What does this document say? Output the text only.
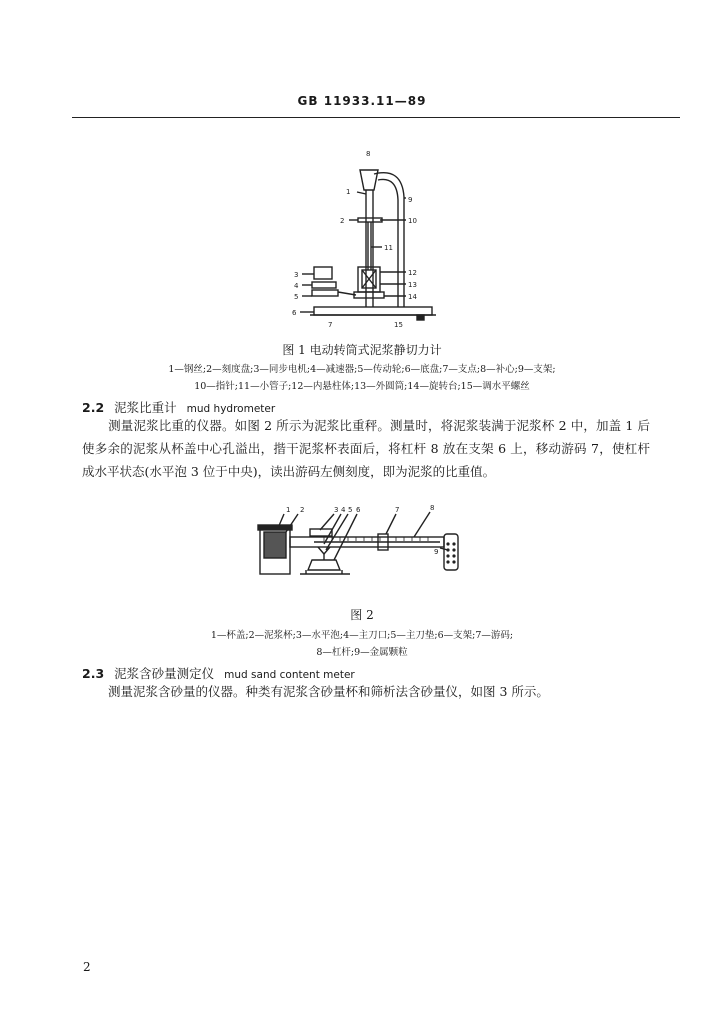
GB 11933.11—89
8
1
9
2	10
11
12
3
13
4
14
5
6
7	15
图 1 电动转筒式泥浆静切力计
1—钢丝;2—刻度盘;3—同步电机;4—减速器;5—传动轮;6—底盘;7—支点;8—补心;9—支架;
10—指针;11—小管子;12—内悬柱体;13—外圆筒;14—旋转台;15—调水平螺丝
2.2 泥浆比重计 mud hydrometer
测量泥浆比重的仪器。如图 2 所示为泥浆比重秤。测量时，将泥浆装满于泥浆杯 2 中，加盖 1 后使多余的泥浆从杯盖中心孔溢出，揩干泥浆杯表面后，将杠杆 8 放在支架 6 上，移动游码 7，使杠杆成水平状态(水平泡 3 位于中央)，读出游码左侧刻度，即为泥浆的比重值。
1 2	3 4 5 6	7	8
9
图 2
1—杯盖;2—泥浆杯;3—水平泡;4—主刀口;5—主刀垫;6—支架;7—游码;
8—杠杆;9—金属颗粒
2.3 泥浆含砂量测定仪 mud sand content meter
测量泥浆含砂量的仪器。种类有泥浆含砂量杯和筛析法含砂量仪，如图 3 所示。
2
